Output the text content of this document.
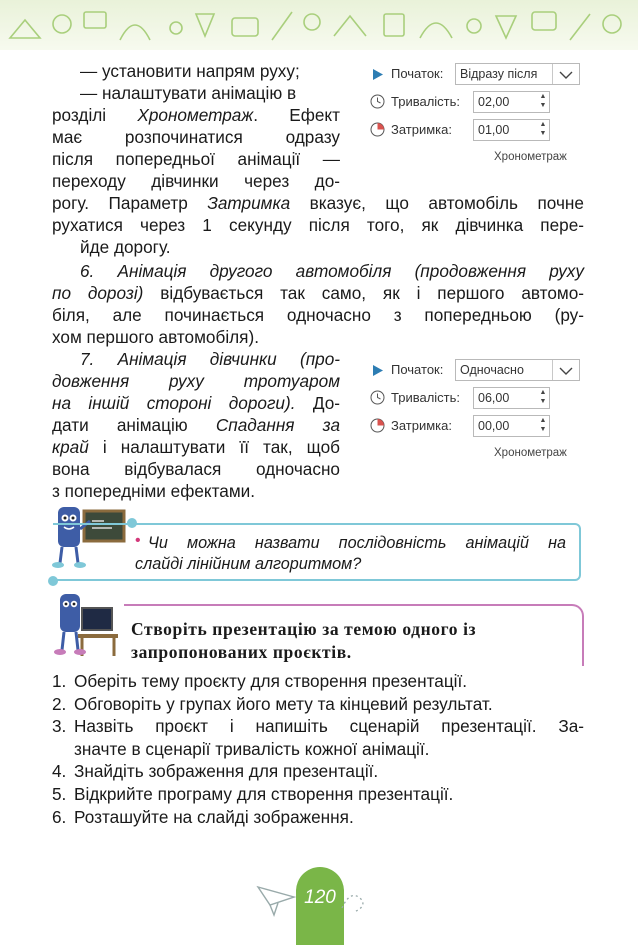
— установити напрям руху;

— налаштувати анімацію в

розділі Хронометраж. Ефект

має розпочинатися одразу

після попередньої анімації —

переходу дівчинки через до-

рогу. Параметр Затримка вказує, що автомобіль почне

рухатися через 1 секунду після того, як дівчинка пере-

йде дорогу.

Початок:	Відразу після
Тривалість:	02,00	▲
▼
Затримка:	01,00	▲
▼
Хронометраж

6. Анімація другого автомобіля (продовження руху

по дорозі) відбувається так само, як і першого автомо-

біля, але починається одночасно з попередньою (ру-

хом першого автомобіля).

7. Анімація дівчинки (про-

довження руху тротуаром

на іншій стороні дороги). До-

дати анімацію Спадання за

край і налаштувати її так, щоб

вона відбувалася одночасно

з попередніми ефектами.

Початок:	Одночасно
Тривалість:	06,00	▲
▼
Затримка:	00,00	▲
▼
Хронометраж
• Чи можна назвати послідовність анімацій на

слайді лінійним алгоритмом?

Створіть презентацію за темою одного із
запропонованих проєктів.
1. Оберіть тему проєкту для створення презентації.
2. Обговоріть у групах його мету та кінцевий результат.
3. Назвіть проєкт і напишіть сценарій презентації. За-
значте в сценарії тривалість кожної анімації.
4. Знайдіть зображення для презентації.
5. Відкрийте програму для створення презентації.
6. Розташуйте на слайді зображення.
120
